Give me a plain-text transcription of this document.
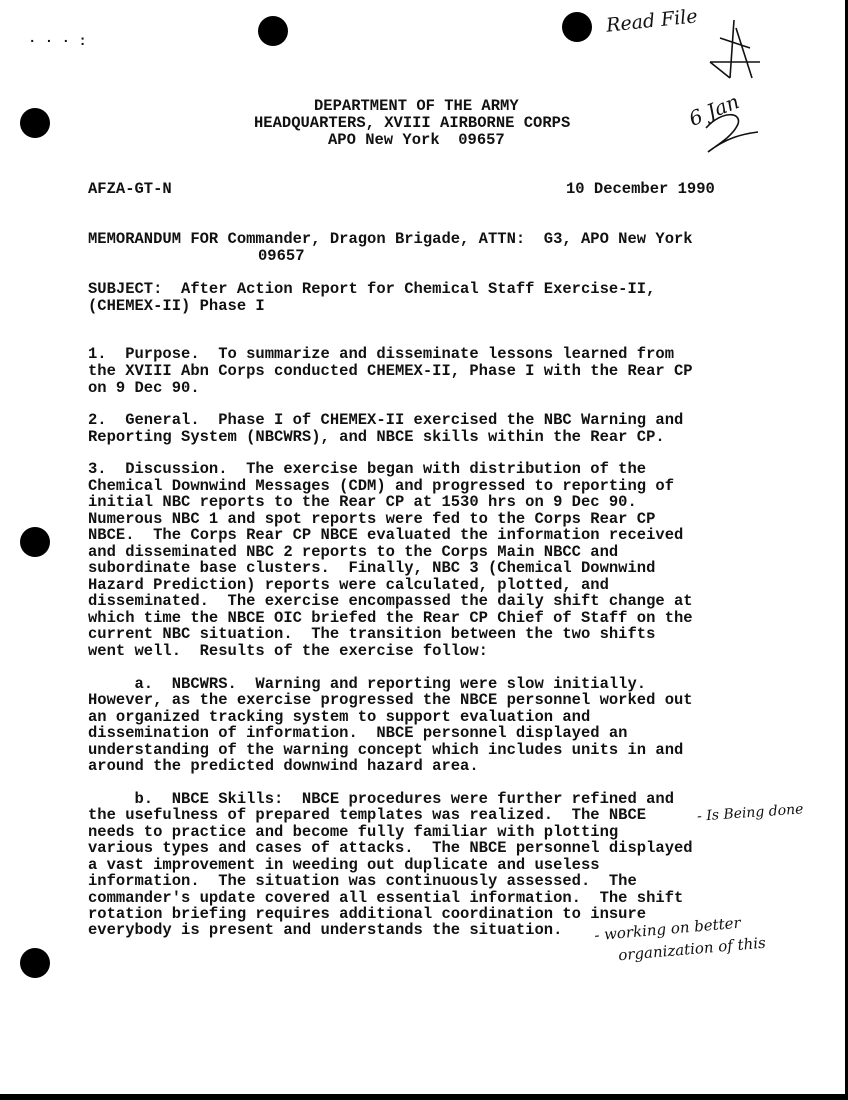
· · · :
Read File
6 Jan
DEPARTMENT OF THE ARMY
HEADQUARTERS, XVIII AIRBORNE CORPS
APO New York  09657
AFZA-GT-N	10 December 1990
MEMORANDUM FOR Commander, Dragon Brigade, ATTN:  G3, APO New York
09657
SUBJECT:  After Action Report for Chemical Staff Exercise-II,
(CHEMEX-II) Phase I
1.  Purpose.  To summarize and disseminate lessons learned from
the XVIII Abn Corps conducted CHEMEX-II, Phase I with the Rear CP
on 9 Dec 90.
2.  General.  Phase I of CHEMEX-II exercised the NBC Warning and
Reporting System (NBCWRS), and NBCE skills within the Rear CP.
3.  Discussion.  The exercise began with distribution of the
Chemical Downwind Messages (CDM) and progressed to reporting of
initial NBC reports to the Rear CP at 1530 hrs on 9 Dec 90.
Numerous NBC 1 and spot reports were fed to the Corps Rear CP
NBCE.  The Corps Rear CP NBCE evaluated the information received
and disseminated NBC 2 reports to the Corps Main NBCC and
subordinate base clusters.  Finally, NBC 3 (Chemical Downwind
Hazard Prediction) reports were calculated, plotted, and
disseminated.  The exercise encompassed the daily shift change at
which time the NBCE OIC briefed the Rear CP Chief of Staff on the
current NBC situation.  The transition between the two shifts
went well.  Results of the exercise follow:
a.  NBCWRS.  Warning and reporting were slow initially.
However, as the exercise progressed the NBCE personnel worked out
an organized tracking system to support evaluation and
dissemination of information.  NBCE personnel displayed an
understanding of the warning concept which includes units in and
around the predicted downwind hazard area.
b.  NBCE Skills:  NBCE procedures were further refined and
the usefulness of prepared templates was realized.  The NBCE
needs to practice and become fully familiar with plotting
various types and cases of attacks.  The NBCE personnel displayed
a vast improvement in weeding out duplicate and useless
information.  The situation was continuously assessed.  The
commander's update covered all essential information.  The shift
rotation briefing requires additional coordination to insure
everybody is present and understands the situation.
- Is Being done
- working on better
organization of this
